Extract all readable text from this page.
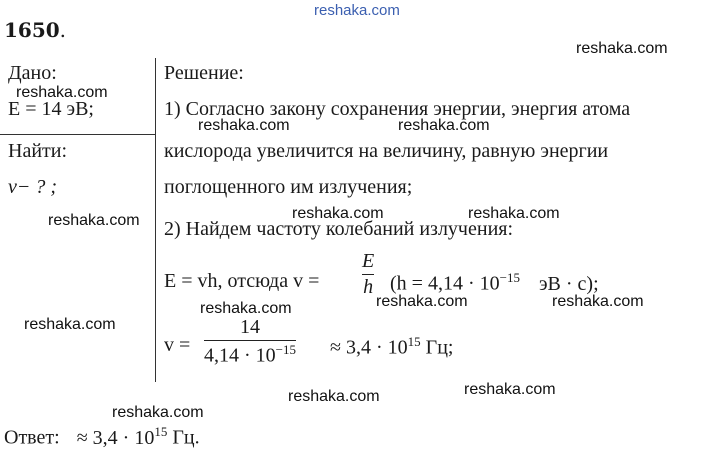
reshaka.com
reshaka.com
reshaka.com
reshaka.com	reshaka.com
reshaka.com	reshaka.com	reshaka.com
reshaka.com	reshaka.com	reshaka.com
reshaka.com
reshaka.com
reshaka.com
reshaka.com
1650.
Дано:
E = 14 эВ;
Найти:
v− ? ;
Решение:
1) Согласно закону сохранения энергии, энергия атома
кислорода увеличится на величину, равную энергии
поглощенного им излучения;
2) Найдем частоту колебаний излучения:
E = vh, отсюда v =
E
h ($h = 4,14 \cdot 10^{-15}$ эВ · c);
v =
14
$4,14 \cdot 10^{-15} \approx 3,4 \cdot 10^{15}$ Гц;
Ответ: ≈ $3,4 \cdot 10^{15}$ Гц.
